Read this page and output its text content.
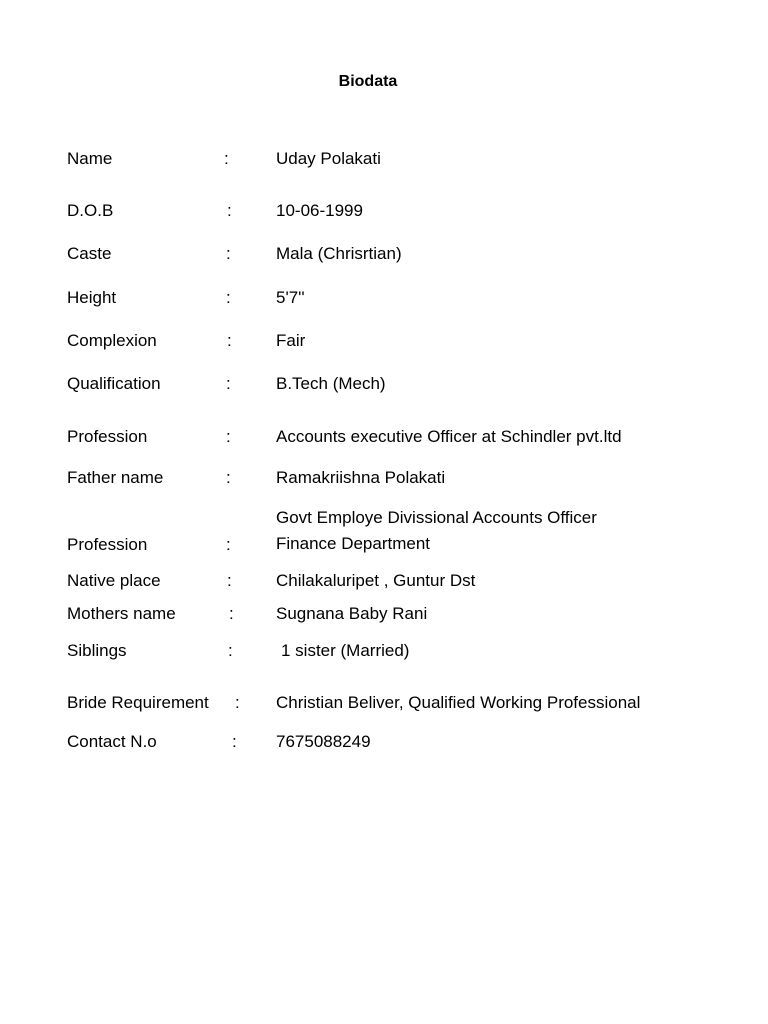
Biodata
Name	:	Uday Polakati
D.O.B	:	10-06-1999
Caste	:	Mala (Chrisrtian)
Height	:	5'7''
Complexion	:	Fair
Qualification	:	B.Tech (Mech)
Profession	:	Accounts executive Officer at Schindler pvt.ltd
Father name	:	Ramakriishna Polakati
Govt Employe Divissional Accounts Officer
Profession	:	Finance Department
Native place	:	Chilakaluripet , Guntur Dst
Mothers name	: Sugnana Baby Rani
Siblings	:	1 sister (Married)
Bride Requirement : Christian Beliver, Qualified Working Professional
Contact N.o	: 7675088249
